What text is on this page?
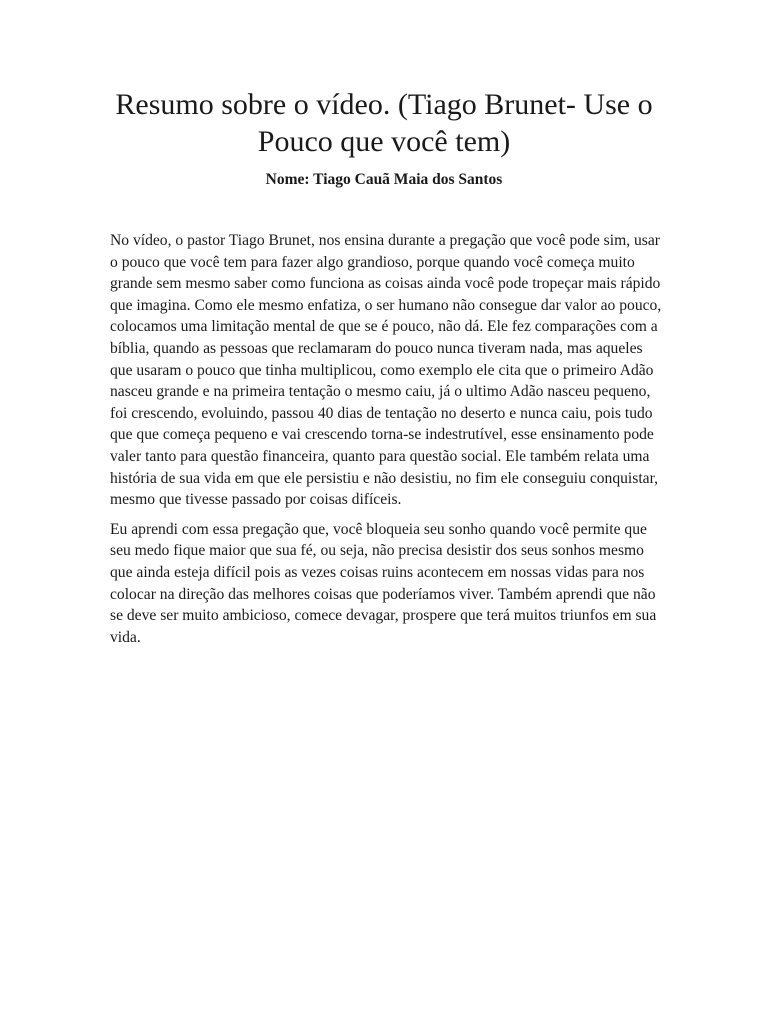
Resumo sobre o vídeo. (Tiago Brunet- Use o Pouco que você tem)

Nome: Tiago Cauã Maia dos Santos

No vídeo, o pastor Tiago Brunet, nos ensina durante a pregação que você pode sim, usar o pouco que você tem para fazer algo grandioso, porque quando você começa muito grande sem mesmo saber como funciona as coisas ainda você pode tropeçar mais rápido que imagina. Como ele mesmo enfatiza, o ser humano não consegue dar valor ao pouco, colocamos uma limitação mental de que se é pouco, não dá. Ele fez comparações com a bíblia, quando as pessoas que reclamaram do pouco nunca tiveram nada, mas aqueles que usaram o pouco que tinha multiplicou, como exemplo ele cita que o primeiro Adão nasceu grande e na primeira tentação o mesmo caiu, já o ultimo Adão nasceu pequeno, foi crescendo, evoluindo, passou 40 dias de tentação no deserto e nunca caiu, pois tudo que que começa pequeno e vai crescendo torna-se indestrutível, esse ensinamento pode valer tanto para questão financeira, quanto para questão social. Ele também relata uma história de sua vida em que ele persistiu e não desistiu, no fim ele conseguiu conquistar, mesmo que tivesse passado por coisas difíceis.

Eu aprendi com essa pregação que, você bloqueia seu sonho quando você permite que seu medo fique maior que sua fé, ou seja, não precisa desistir dos seus sonhos mesmo que ainda esteja difícil pois as vezes coisas ruins acontecem em nossas vidas para nos colocar na direção das melhores coisas que poderíamos viver. Também aprendi que não se deve ser muito ambicioso, comece devagar, prospere que terá muitos triunfos em sua vida.
